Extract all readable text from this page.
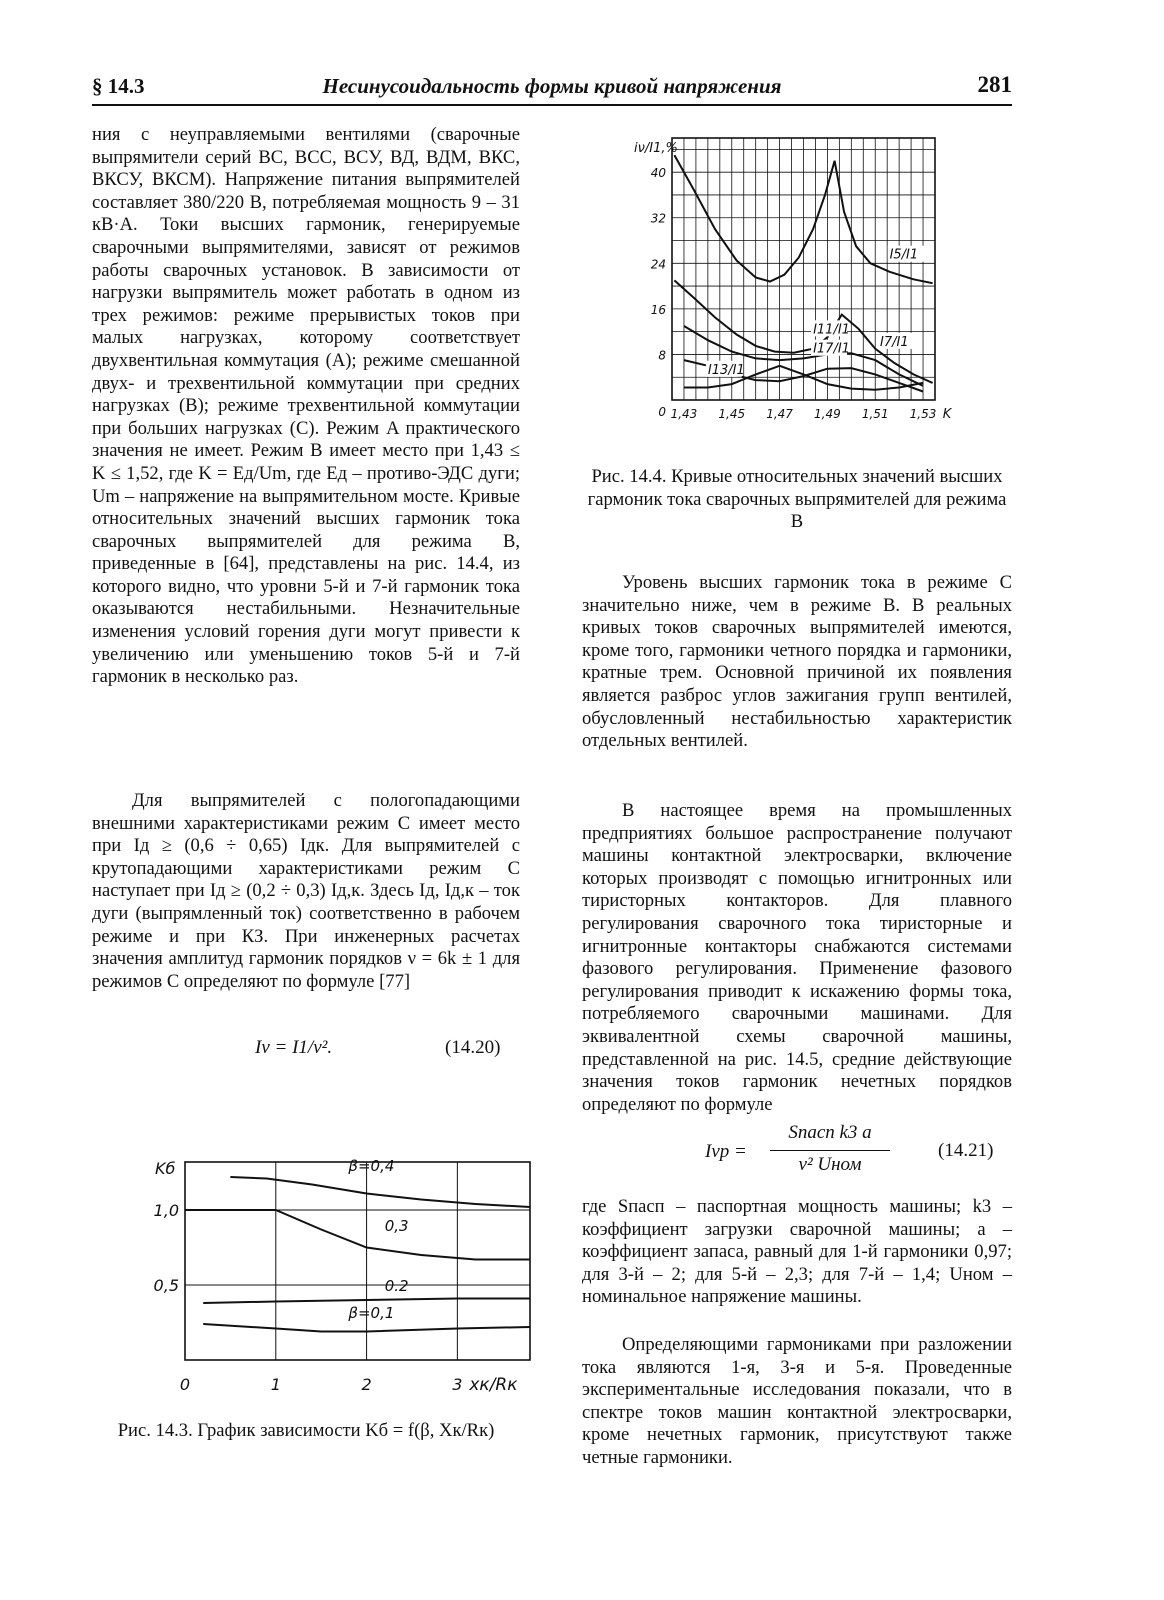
§ 14.3	Несинусоидальность формы кривой напряжения	281

ния с неуправляемыми вентилями (сварочные выпрямители серий ВС, ВСС, ВСУ, ВД, ВДМ, ВКС, ВКСУ, ВКСМ). Напряжение питания выпрямителей составляет 380/220 В, потребляемая мощность 9 – 31 кВ·А. Токи высших гармоник, генерируемые сварочными выпрямителями, зависят от режимов работы сварочных установок. В зависимости от нагрузки выпрямитель может работать в одном из трех режимов: режиме прерывистых токов при малых нагрузках, которому соответствует двухвентильная коммутация (A); режиме смешанной двух- и трехвентильной коммутации при средних нагрузках (B); режиме трехвентильной коммутации при больших нагрузках (C). Режим A практического значения не имеет. Режим B имеет место при 1,43 ≤ K ≤ 1,52, где K = Eд/Um, где Eд – противо-ЭДС дуги; Um – напряжение на выпрямительном мосте. Кривые относительных значений высших гармоник тока сварочных выпрямителей для режима B, приведенные в [64], представлены на рис. 14.4, из которого видно, что уровни 5-й и 7-й гармоник тока оказываются нестабильными. Незначительные изменения условий горения дуги могут привести к увеличению или уменьшению токов 5-й и 7-й гармоник в несколько раз.

Для выпрямителей с пологопадающими внешними характеристиками режим C имеет место при Iд ≥ (0,6 ÷ 0,65) Iдк. Для выпрямителей с крутопадающими характеристиками режим C наступает при Iд ≥ (0,2 ÷ 0,3) Iд,к. Здесь Iд, Iд,к – ток дуги (выпрямленный ток) соответственно в рабочем режиме и при КЗ. При инженерных расчетах значения амплитуд гармоник порядков ν = 6k ± 1 для режимов C определяют по формуле [77]

Iν = I1/ν².	(14.20)
0	1	2	3
0,5
1,0
xк/Rк
Kб	β=0,4
0,3
0.2
β=0,1

Рис. 14.3. График зависимости Kб = f(β, Xк/Rк)

1,43 1,45 1,47 1,49 1,51 1,53
0
8
16
24
32
40
K
iν/I1,%
I5/I1
I7/I1
I11/I1
I17/I1
I13/I1

Рис. 14.4. Кривые относительных значений высших гармоник тока сварочных выпрямителей для режима B

Уровень высших гармоник тока в режиме C значительно ниже, чем в режиме B. В реальных кривых токов сварочных выпрямителей имеются, кроме того, гармоники четного порядка и гармоники, кратные трем. Основной причиной их появления является разброс углов зажигания групп вентилей, обусловленный нестабильностью характеристик отдельных вентилей.

В настоящее время на промышленных предприятиях большое распространение получают машины контактной электросварки, включение которых производят с помощью игнитронных или тиристорных контакторов. Для плавного регулирования сварочного тока тиристорные и игнитронные контакторы снабжаются системами фазового регулирования. Применение фазового регулирования приводит к искажению формы тока, потребляемого сварочными машинами. Для эквивалентной схемы сварочной машины, представленной на рис. 14.5, средние действующие значения токов гармоник нечетных порядков определяют по формуле

Iνp =
Sпасп k3 a
ν² Uном
(14.21)

где Sпасп – паспортная мощность машины; k3 – коэффициент загрузки сварочной машины; a – коэффициент запаса, равный для 1-й гармоники 0,97; для 3-й – 2; для 5-й – 2,3; для 7-й – 1,4; Uном – номинальное напряжение машины.

Определяющими гармониками при разложении тока являются 1-я, 3-я и 5-я. Проведенные экспериментальные исследования показали, что в спектре токов машин контактной электросварки, кроме нечетных гармоник, присутствуют также четные гармоники.
